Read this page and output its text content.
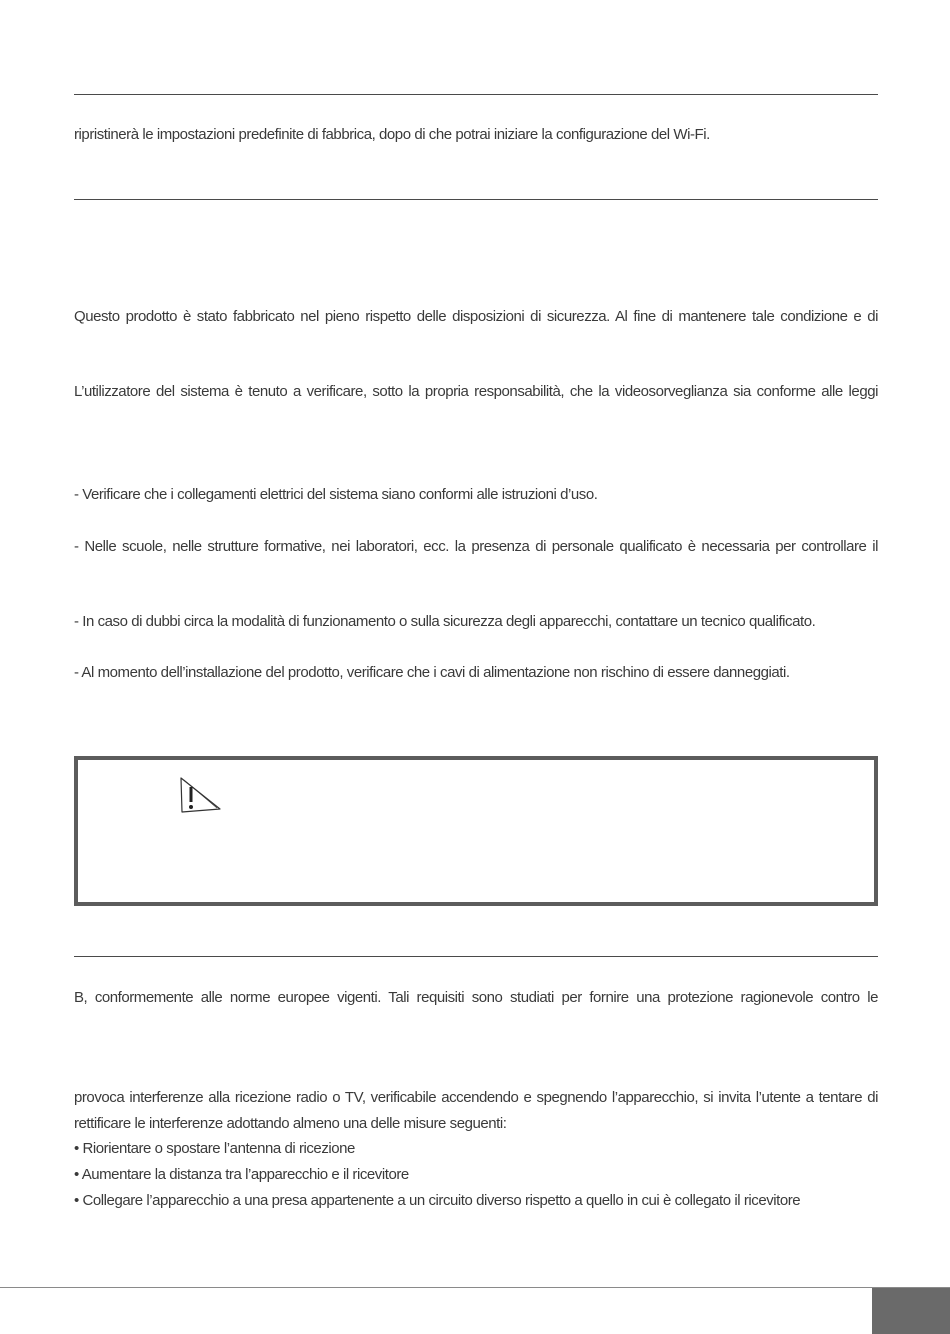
ripristinerà le impostazioni predefinite di fabbrica, dopo di che potrai iniziare la configurazione del Wi-Fi.
Questo prodotto è stato fabbricato nel pieno rispetto delle disposizioni di sicurezza. Al fine di mantenere tale condizione e di
L’utilizzatore del sistema è tenuto a verificare, sotto la propria responsabilità, che la videosorveglianza sia conforme alle leggi
- Verificare che i collegamenti elettrici del sistema siano conformi alle istruzioni d’uso.
- Nelle scuole, nelle strutture formative, nei laboratori, ecc. la presenza di personale qualificato è necessaria per controllare il
- In caso di dubbi circa la modalità di funzionamento o sulla sicurezza degli apparecchi, contattare un tecnico qualificato.
- Al momento dell’installazione del prodotto, verificare che i cavi di alimentazione non rischino di essere danneggiati.
B, conformemente alle norme europee vigenti. Tali requisiti sono studiati per fornire una protezione ragionevole contro le
provoca interferenze alla ricezione radio o TV, verificabile accendendo e spegnendo l’apparecchio, si invita l’utente a tentare di
rettificare le interferenze adottando almeno una delle misure seguenti:
• Riorientare o spostare l’antenna di ricezione
• Aumentare la distanza tra l’apparecchio e il ricevitore
• Collegare l’apparecchio a una presa appartenente a un circuito diverso rispetto a quello in cui è collegato il ricevitore
